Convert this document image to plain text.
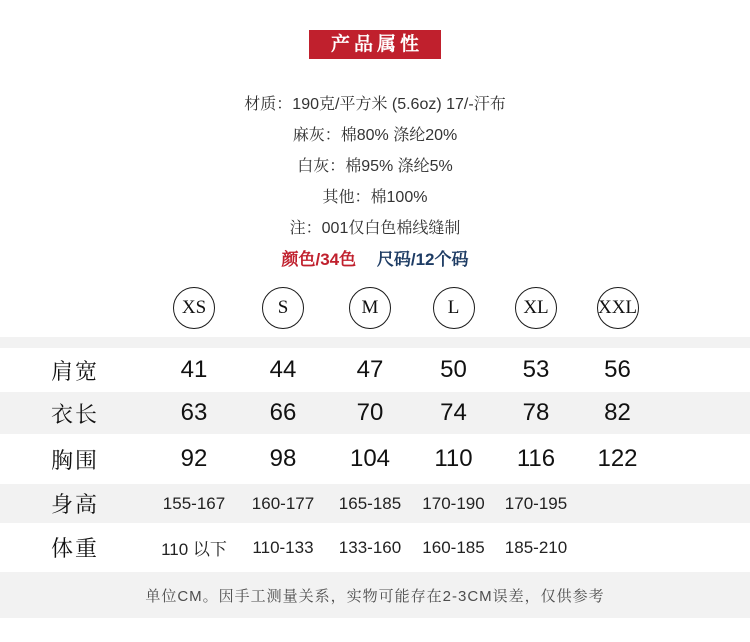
产品属性
材质：190克/平方米 (5.6oz) 17/-汗布
麻灰：棉80% 涤纶20%
白灰：棉95% 涤纶5%
其他：棉100%
注：001仅白色棉线缝制
颜色/34色 尺码/12个码
XS	S	M	L	XL	XXL
肩宽	41	44	47	50	53	56
衣长	63	66	70	74	78	82
胸围	92	98	104	110	116	122
身高	155-167	160-177	165-185	170-190	170-195
体重	110 以下	110-133	133-160	160-185	185-210
单位CM。因手工测量关系，实物可能存在2-3CM误差，仅供参考
